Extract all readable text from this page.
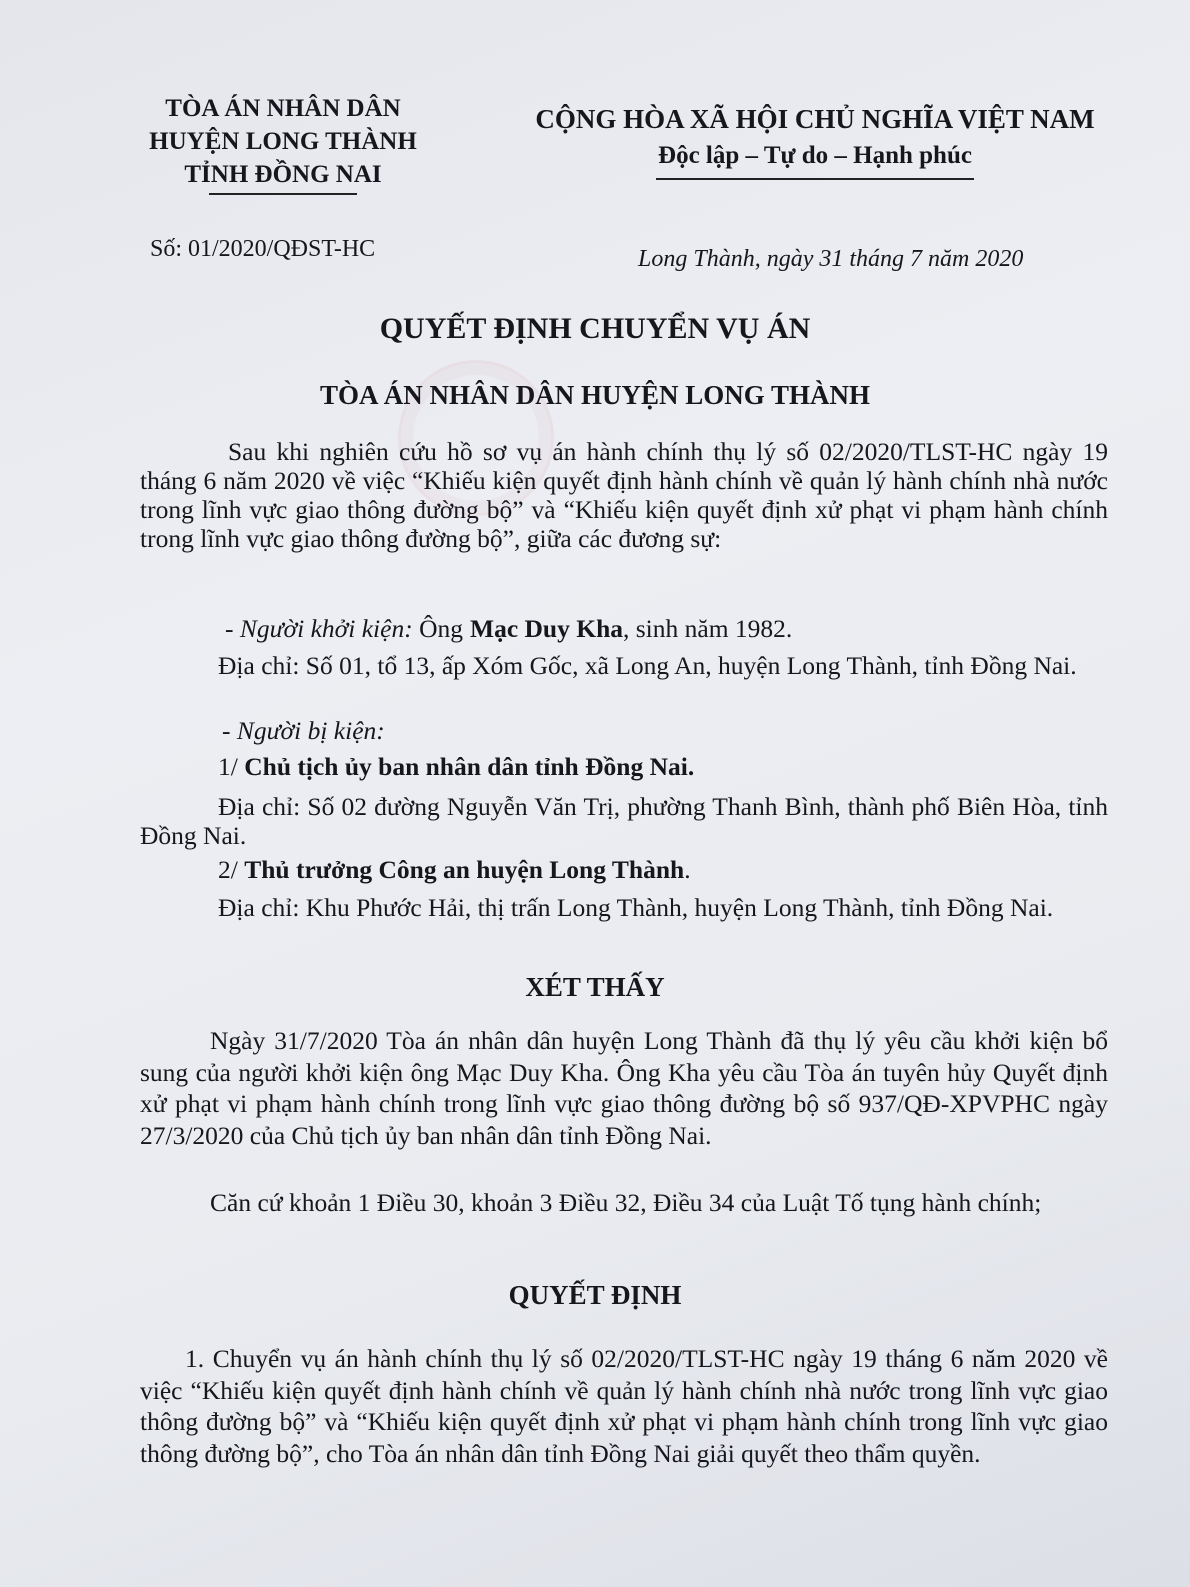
TÒA ÁN NHÂN DÂN
HUYỆN LONG THÀNH
TỈNH ĐỒNG NAI
CỘNG HÒA XÃ HỘI CHỦ NGHĨA VIỆT NAM
Độc lập – Tự do – Hạnh phúc
Số: 01/2020/QĐST-HC	Long Thành, ngày 31 tháng 7 năm 2020
QUYẾT ĐỊNH CHUYỂN VỤ ÁN
TÒA ÁN NHÂN DÂN HUYỆN LONG THÀNH
Sau khi nghiên cứu hồ sơ vụ án hành chính thụ lý số 02/2020/TLST-HC ngày 19 tháng 6 năm 2020 về việc “Khiếu kiện quyết định hành chính về quản lý hành chính nhà nước trong lĩnh vực giao thông đường bộ” và “Khiếu kiện quyết định xử phạt vi phạm hành chính trong lĩnh vực giao thông đường bộ”, giữa các đương sự:
- Người khởi kiện: Ông Mạc Duy Kha, sinh năm 1982.
Địa chỉ: Số 01, tổ 13, ấp Xóm Gốc, xã Long An, huyện Long Thành, tỉnh Đồng Nai.
- Người bị kiện:
1/ Chủ tịch ủy ban nhân dân tỉnh Đồng Nai.
Địa chỉ: Số 02 đường Nguyễn Văn Trị, phường Thanh Bình, thành phố Biên Hòa, tỉnh Đồng Nai.
2/ Thủ trưởng Công an huyện Long Thành.
Địa chỉ: Khu Phước Hải, thị trấn Long Thành, huyện Long Thành, tỉnh Đồng Nai.
XÉT THẤY
Ngày 31/7/2020 Tòa án nhân dân huyện Long Thành đã thụ lý yêu cầu khởi kiện bổ sung của người khởi kiện ông Mạc Duy Kha. Ông Kha yêu cầu Tòa án tuyên hủy Quyết định xử phạt vi phạm hành chính trong lĩnh vực giao thông đường bộ số 937/QĐ-XPVPHC ngày 27/3/2020 của Chủ tịch ủy ban nhân dân tỉnh Đồng Nai.
Căn cứ khoản 1 Điều 30, khoản 3 Điều 32, Điều 34 của Luật Tố tụng hành chính;
QUYẾT ĐỊNH
1. Chuyển vụ án hành chính thụ lý số 02/2020/TLST-HC ngày 19 tháng 6 năm 2020 về việc “Khiếu kiện quyết định hành chính về quản lý hành chính nhà nước trong lĩnh vực giao thông đường bộ” và “Khiếu kiện quyết định xử phạt vi phạm hành chính trong lĩnh vực giao thông đường bộ”, cho Tòa án nhân dân tỉnh Đồng Nai giải quyết theo thẩm quyền.
